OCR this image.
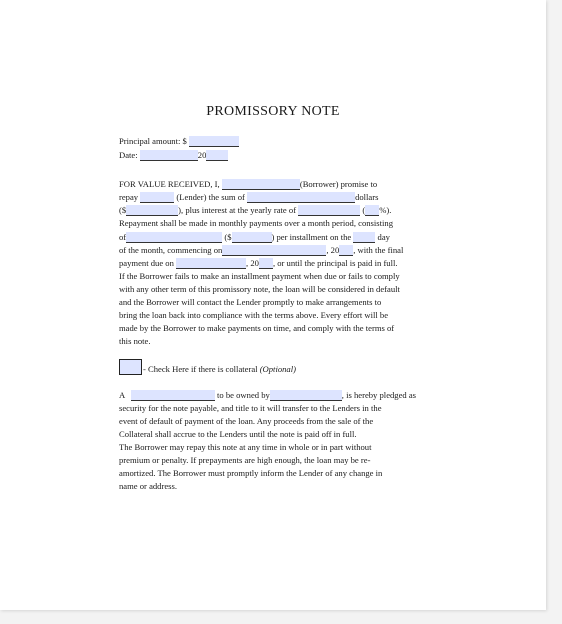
PROMISSORY NOTE
Principal amount: $
Date:	20
FOR VALUE RECEIVED, I,	(Borrower) promise to
repay	(Lender) the sum of	dollars
($	), plus interest at the yearly rate of	( %).
Repayment shall be made in monthly payments over a month period, consisting
of	($	) per installment on the	day
of the month, commencing on	, 20 , with the final
payment due on	, 20 , or until the principal is paid in full.
If the Borrower fails to make an installment payment when due or fails to comply
with any other term of this promissory note, the loan will be considered in default
and the Borrower will contact the Lender promptly to make arrangements to
bring the loan back into compliance with the terms above. Every effort will be
made by the Borrower to make payments on time, and comply with the terms of
this note.
- Check Here if there is collateral (Optional)
A	to be owned by	, is hereby pledged as
security for the note payable, and title to it will transfer to the Lenders in the
event of default of payment of the loan. Any proceeds from the sale of the
Collateral shall accrue to the Lenders until the note is paid off in full.
The Borrower may repay this note at any time in whole or in part without
premium or penalty. If prepayments are high enough, the loan may be re-
amortized. The Borrower must promptly inform the Lender of any change in
name or address.
